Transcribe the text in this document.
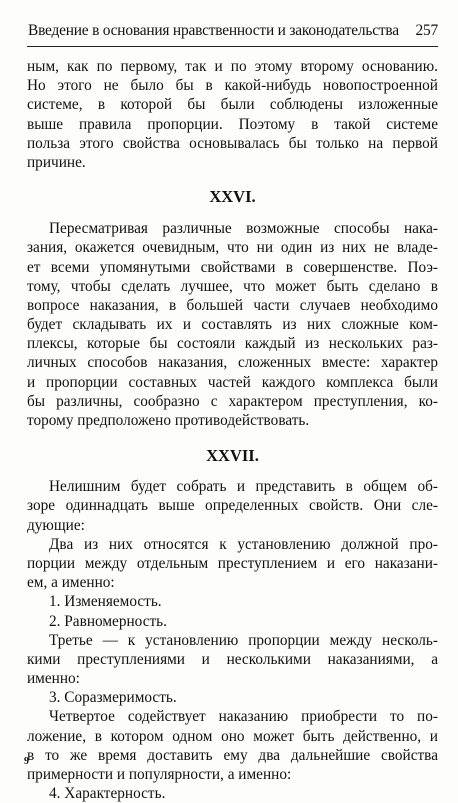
Введение в основания нравственности и законодательства 257
ным, как по первому, так и по этому второму основанию.
Но этого не было бы в какой-нибудь новопостроенной
системе, в которой бы были соблюдены изложенные
выше правила пропорции. Поэтому в такой системе
польза этого свойства основывалась бы только на первой
причине.
XXVI.
Пересматривая различные возможные способы нака-
зания, окажется очевидным, что ни один из них не владе-
ет всеми упомянутыми свойствами в совершенстве. Поэ-
тому, чтобы сделать лучшее, что может быть сделано в
вопросе наказания, в большей части случаев необходимо
будет складывать их и составлять из них сложные ком-
плексы, которые бы состояли каждый из нескольких раз-
личных способов наказания, сложенных вместе: характер
и пропорции составных частей каждого комплекса были
бы различны, сообразно с характером преступления, ко-
торому предположено противодействовать.
XXVII.
Нелишним будет собрать и представить в общем об-
зоре одиннадцать выше определенных свойств. Они сле-
дующие:
Два из них относятся к установлению должной про-
порции между отдельным преступлением и его наказани-
ем, а именно:
1. Изменяемость.
2. Равномерность.
Третье — к установлению пропорции между несколь-
кими преступлениями и несколькими наказаниями, а
именно:
3. Соразмеримость.
Четвертое содействует наказанию приобрести то по-
ложение, в котором одном оно может быть действенно, и
в то же время доставить ему два дальнейшие свойства
примерности и популярности, а именно:
4. Характерность.
9
